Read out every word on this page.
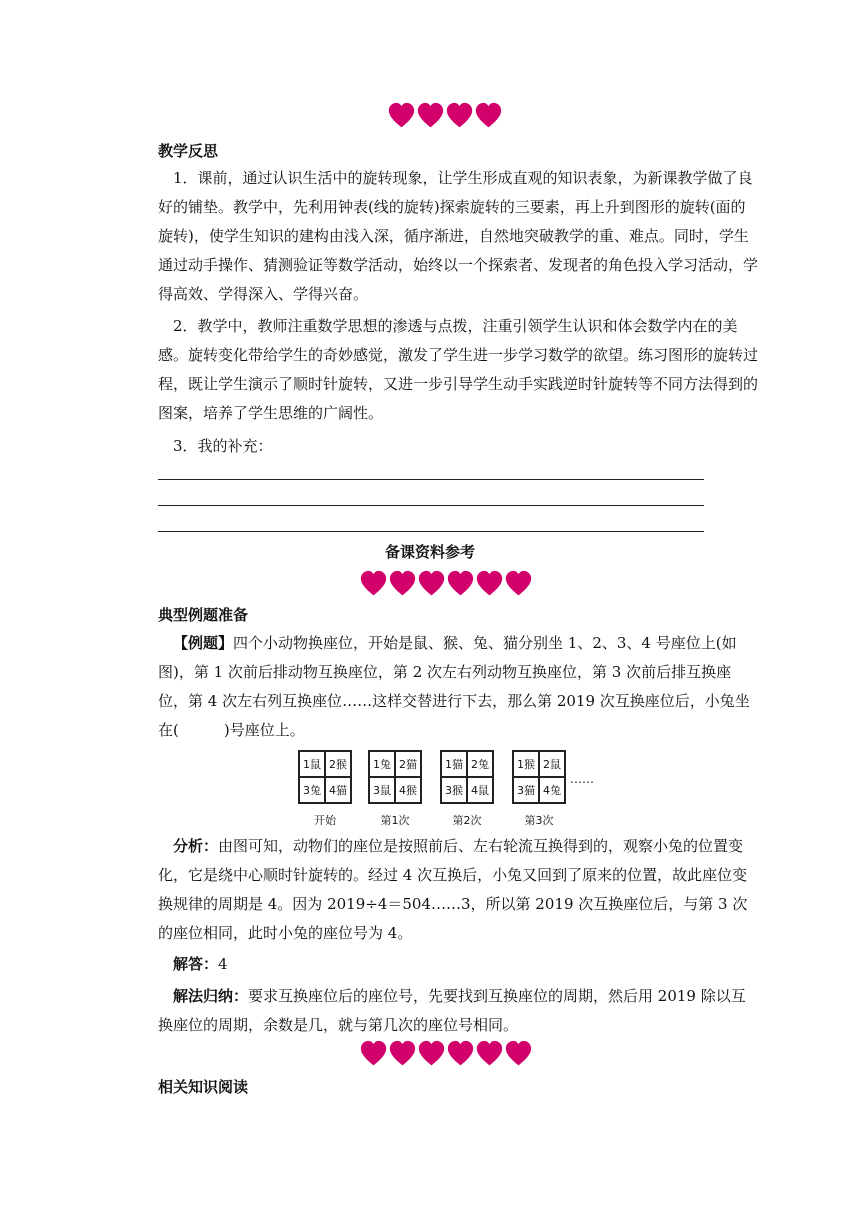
教学反思

1．课前，通过认识生活中的旋转现象，让学生形成直观的知识表象，为新课教学做了良好的铺垫。教学中，先利用钟表(线的旋转)探索旋转的三要素，再上升到图形的旋转(面的旋转)，使学生知识的建构由浅入深，循序渐进，自然地突破教学的重、难点。同时，学生通过动手操作、猜测验证等数学活动，始终以一个探索者、发现者的角色投入学习活动，学得高效、学得深入、学得兴奋。

2．教学中，教师注重数学思想的渗透与点拨，注重引领学生认识和体会数学内在的美感。旋转变化带给学生的奇妙感觉，激发了学生进一步学习数学的欲望。练习图形的旋转过程，既让学生演示了顺时针旋转，又进一步引导学生动手实践逆时针旋转等不同方法得到的图案，培养了学生思维的广阔性。

3．我的补充：

备课资料参考
典型例题准备

【例题】四个小动物换座位，开始是鼠、猴、兔、猫分别坐 1、2、3、4 号座位上(如图)，第 1 次前后排动物互换座位，第 2 次左右列动物互换座位，第 3 次前后排互换座位，第 4 次左右列互换座位……这样交替进行下去，那么第 2019 次互换座位后，小兔坐在(　　　)号座位上。

1鼠 2猴
3兔 4猫
开始
1兔 2猫
3鼠 4猴
第1次
1猫 2兔
3猴 4鼠
第2次
1猴 2鼠
3猫 4兔
第3次
……

分析：由图可知，动物们的座位是按照前后、左右轮流互换得到的，观察小兔的位置变化，它是绕中心顺时针旋转的。经过 4 次互换后，小兔又回到了原来的位置，故此座位变换规律的周期是 4。因为 2019÷4＝504……3，所以第 2019 次互换座位后，与第 3 次的座位相同，此时小兔的座位号为 4。

解答：4

解法归纳：要求互换座位后的座位号，先要找到互换座位的周期，然后用 2019 除以互换座位的周期，余数是几，就与第几次的座位号相同。

相关知识阅读
